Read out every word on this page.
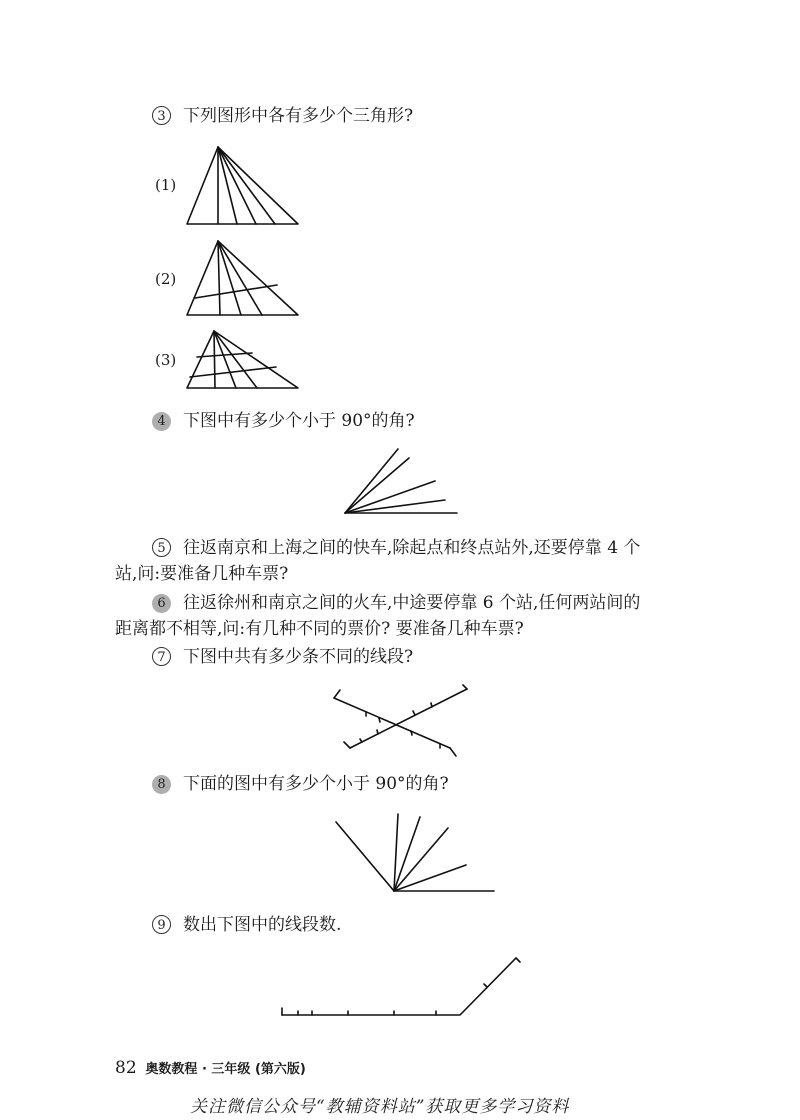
3 下列图形中各有多少个三角形?
(1)
(2)
(3)
4 下图中有多少个小于 90°的角?
5 往返南京和上海之间的快车,除起点和终点站外,还要停靠 4 个
站,问:要准备几种车票?
6 往返徐州和南京之间的火车,中途要停靠 6 个站,任何两站间的
距离都不相等,问:有几种不同的票价? 要准备几种车票?
7 下图中共有多少条不同的线段?
8 下面的图中有多少个小于 90°的角?
9 数出下图中的线段数.
82 奥数教程 · 三年级 (第六版)
关注微信公众号“教辅资料站”获取更多学习资料
